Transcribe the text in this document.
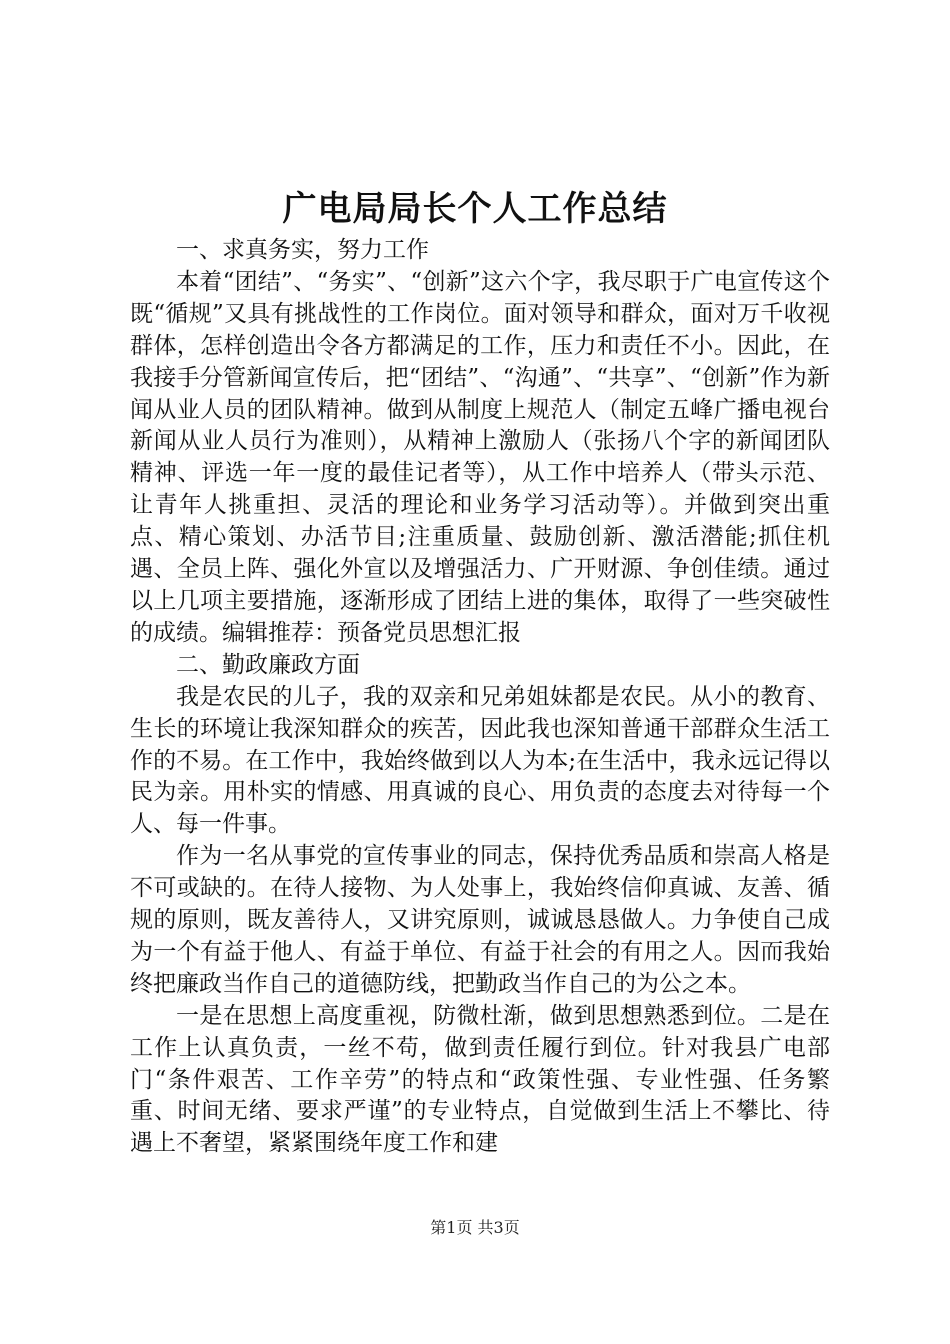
广电局局长个人工作总结

一、求真务实，努力工作

本着“团结”、“务实”、“创新”这六个字，我尽职于广电宣传这个既“循规”又具有挑战性的工作岗位。面对领导和群众，面对万千收视群体，怎样创造出令各方都满足的工作，压力和责任不小。因此，在我接手分管新闻宣传后，把“团结”、“沟通”、“共享”、“创新”作为新闻从业人员的团队精神。做到从制度上规范人（制定五峰广播电视台新闻从业人员行为准则），从精神上激励人（张扬八个字的新闻团队精神、评选一年一度的最佳记者等），从工作中培养人（带头示范、让青年人挑重担、灵活的理论和业务学习活动等）。并做到突出重点、精心策划、办活节目;注重质量、鼓励创新、激活潜能;抓住机遇、全员上阵、强化外宣以及增强活力、广开财源、争创佳绩。通过以上几项主要措施，逐渐形成了团结上进的集体，取得了一些突破性的成绩。编辑推荐：预备党员思想汇报

二、勤政廉政方面

我是农民的儿子，我的双亲和兄弟姐妹都是农民。从小的教育、生长的环境让我深知群众的疾苦，因此我也深知普通干部群众生活工作的不易。在工作中，我始终做到以人为本;在生活中，我永远记得以民为亲。用朴实的情感、用真诚的良心、用负责的态度去对待每一个人、每一件事。

作为一名从事党的宣传事业的同志，保持优秀品质和崇高人格是不可或缺的。在待人接物、为人处事上，我始终信仰真诚、友善、循规的原则，既友善待人，又讲究原则，诚诚恳恳做人。力争使自己成为一个有益于他人、有益于单位、有益于社会的有用之人。因而我始终把廉政当作自己的道德防线，把勤政当作自己的为公之本。

一是在思想上高度重视，防微杜渐，做到思想熟悉到位。二是在工作上认真负责，一丝不苟，做到责任履行到位。针对我县广电部门“条件艰苦、工作辛劳”的特点和“政策性强、专业性强、任务繁重、时间无绪、要求严谨”的专业特点，自觉做到生活上不攀比、待遇上不奢望，紧紧围绕年度工作和建

第1页 共3页
